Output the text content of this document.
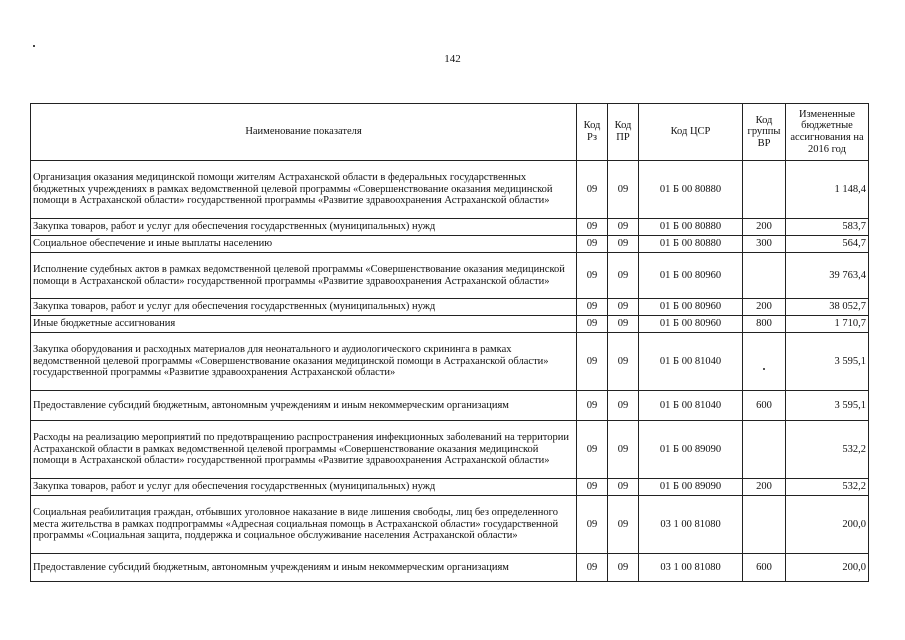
142
Наименование показателя	Код Рз	Код ПР	Код ЦСР	Код группы ВР	Измененные бюджетные ассигнования на 2016 год
Организация оказания медицинской помощи жителям Астраханской области в федеральных государственных бюджетных учреждениях в рамках ведомственной целевой программы «Совершенствование оказания медицинской помощи в Астраханской области» государственной программы «Развитие здравоохранения Астраханской области»	09	09	01 Б 00 80880		1 148,4
Закупка товаров, работ и услуг для обеспечения государственных (муниципальных) нужд	09	09	01 Б 00 80880	200	583,7
Социальное обеспечение и иные выплаты населению	09	09	01 Б 00 80880	300	564,7
Исполнение судебных актов в рамках ведомственной целевой программы «Совершенствование оказания медицинской помощи в Астраханской области» государственной программы «Развитие здравоохранения Астраханской области»	09	09	01 Б 00 80960		39 763,4
Закупка товаров, работ и услуг для обеспечения государственных (муниципальных) нужд	09	09	01 Б 00 80960	200	38 052,7
Иные бюджетные ассигнования	09	09	01 Б 00 80960	800	1 710,7
Закупка оборудования и расходных материалов для неонатального и аудиологического скрининга в рамках ведомственной целевой программы «Совершенствование оказания медицинской помощи в Астраханской области» государственной программы «Развитие здравоохранения Астраханской области»	09	09	01 Б 00 81040		3 595,1
Предоставление субсидий бюджетным, автономным учреждениям и иным некоммерческим организациям	09	09	01 Б 00 81040	600	3 595,1
Расходы на реализацию мероприятий по предотвращению распространения инфекционных заболеваний на территории Астраханской области в рамках ведомственной целевой программы «Совершенствование оказания медицинской помощи в Астраханской области» государственной программы «Развитие здравоохранения Астраханской области»	09	09	01 Б 00 89090		532,2
Закупка товаров, работ и услуг для обеспечения государственных (муниципальных) нужд	09	09	01 Б 00 89090	200	532,2
Социальная реабилитация граждан, отбывших уголовное наказание в виде лишения свободы, лиц без определенного места жительства в рамках подпрограммы «Адресная социальная помощь в Астраханской области» государственной программы «Социальная защита, поддержка и социальное обслуживание населения Астраханской области»	09	09	03 1 00 81080		200,0
Предоставление субсидий бюджетным, автономным учреждениям и иным некоммерческим организациям	09	09	03 1 00 81080	600	200,0
